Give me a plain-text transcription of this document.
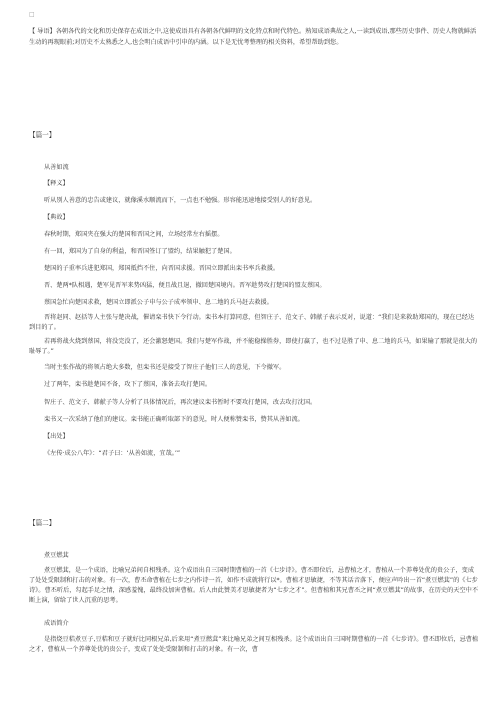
□
【 导语】各朝各代的文化和历史保存在成语之中,这使成语具有各朝各代鲜明的文化特点和时代特色。熟知成语典故之人,一读到成语,那些历史事件、历史人物就鲜活生动的再现眼前;对历史不太熟悉之人,也会明白成语中引申的内涵。以下是无忧考整理的相关资料，希望帮助到您。
【篇一】
从善如流
【释义】
听从别人善意的忠告或建议，就像溪水顺流而下，一点也不勉强。形容能迅速地接受别人的好意见。
【典故】
春秋时期，郑国夹在强大的楚国和晋国之间，立场经常左右摇摆。
有一回，郑国为了自身的利益，和晋国签订了盟约，结果触犯了楚国。
楚国的子重率兵进犯郑国，郑国抵挡不住，向晋国求援。晋国立即派出栾书率兵救援。
晋、楚两*队相遇，楚军见晋军来势凶猛，便且战且退，撤回楚国境内。晋军趁势攻打楚国的盟友蔡国。
蔡国急忙向楚国求救，楚国立即派公子申与公子成率领申、息二地的兵马赶去救援。
晋将赵同、赵括等人主张与楚决战，催请栾书快下令行动。栾书本打算同意，但智庄子、范文子、韩献子表示反对，说道：“我们是来救助郑国的，现在已经达到目的了。
若再将战火烧到蔡国，将没完没了，还会激怒楚国。我们与楚军作战，并不能稳操胜券，即使打赢了，也不过是胜了申、息二地的兵马，如果输了那就是很大的耻辱了。”
当时主张作战的将领占绝大多数，但栾书还是接受了智庄子他们三人的意见，下令撤军。
过了两年，栾书趁楚国不备，攻下了蔡国，准备去攻打楚国。
智庄子、范文子、韩献子等人分析了具体情况后，再次建议栾书暂时不要攻打楚国，改去攻打沈国。
栾书又一次采纳了他们的建议。栾书能正确听取部下的意见，时人便称赞栾书，赞其从善如流。
【出处】
《左传·成公八年》：“君子曰：‘从善如流，宜哉。’”
【篇二】
煮豆燃萁
煮豆燃萁，是一个成语，比喻兄弟间自相残杀。这个成语出自三国时期曹植的一首《七步诗》。曹丕即位后，忌曹植之才，曹植从一个养尊处优的贵公子，变成了处处受限制和打击的对象。有一次，曹丕命曹植在七步之内作诗一首，如作不成就将行以*。曹植才思敏捷，不等其话音落下，便应声吟出一首“煮豆燃萁”的《七步诗》。曹丕听后，勾起手足之情，深感羞愧，最终没加害曹植。后人由此赞美才思敏捷者为“七步之才”。但曹植和其兄曹丕之间“煮豆燃萁”的故事，在历史的天空中不断上演，留给了世人沉重的思考。
成语简介
是指烧豆秸煮豆子,豆秸和豆子就好比同根兄弟,后来用“煮豆燃萁”来比喻兄弟之间互相残杀。这个成语出自三国时期曹植的一首《七步诗》。曹丕即位后，忌曹植之才，曹植从一个养尊处优的贵公子，变成了处处受限制和打击的对象。有一次，曹
